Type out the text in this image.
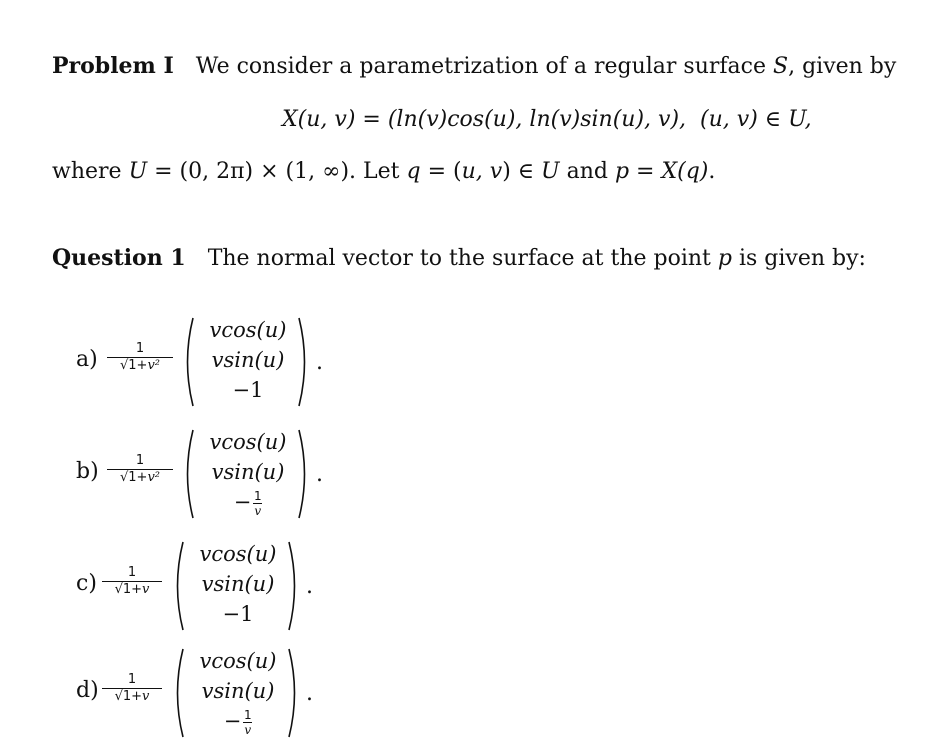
Problem I We consider a parametrization of a regular surface S, given by
X(u, v) = (ln(v)cos(u), ln(v)sin(u), v), (u, v) ∈ U,
where U = (0, 2π) × (1, ∞). Let q = (u, v) ∈ U and p = X(q).
Question 1 The normal vector to the surface at the point p is given by:
a)	1
√1+v²
vcos(u)
vsin(u)
−1
.
b)	1
√1+v²
vcos(u)
vsin(u)
− $\frac{1}{v}$
.
c)	1
√1+v
vcos(u)
vsin(u)
−1
.
d)	1
√1+v
vcos(u)
vsin(u)
− $\frac{1}{v}$
.
